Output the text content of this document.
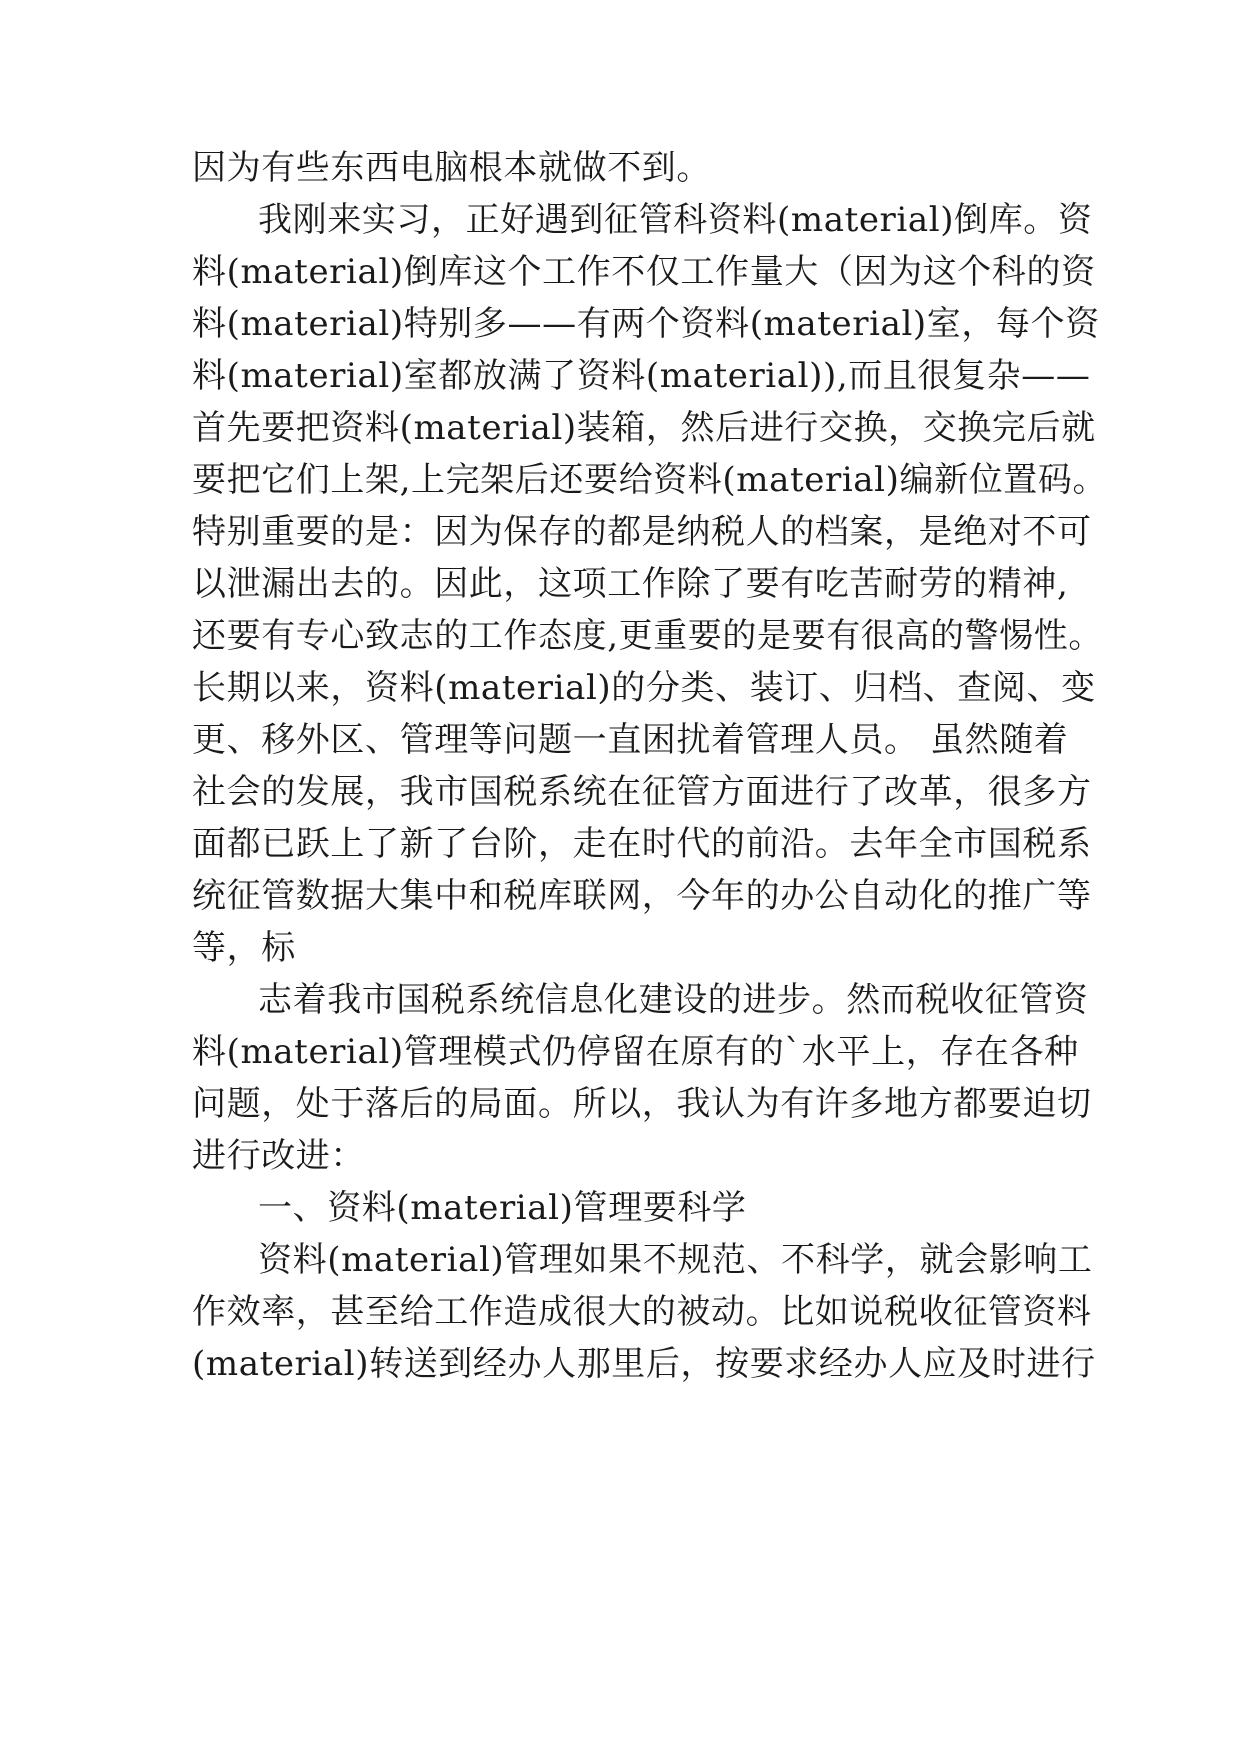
因为有些东西电脑根本就做不到。
我刚来实习，正好遇到征管科资料(material)倒库。资
料(material)倒库这个工作不仅工作量大（因为这个科的资
料(material)特别多——有两个资料(material)室，每个资
料(material)室都放满了资料(material)),而且很复杂——
首先要把资料(material)装箱，然后进行交换，交换完后就
要把它们上架,上完架后还要给资料(material)编新位置码。
特别重要的是：因为保存的都是纳税人的档案，是绝对不可
以泄漏出去的。因此，这项工作除了要有吃苦耐劳的精神,
还要有专心致志的工作态度,更重要的是要有很高的警惕性。
长期以来，资料(material)的分类、装订、归档、查阅、变
更、移外区、管理等问题一直困扰着管理人员。 虽然随着
社会的发展，我市国税系统在征管方面进行了改革，很多方
面都已跃上了新了台阶，走在时代的前沿。去年全市国税系
统征管数据大集中和税库联网，今年的办公自动化的推广等
等，标
志着我市国税系统信息化建设的进步。然而税收征管资
料(material)管理模式仍停留在原有的`水平上，存在各种
问题，处于落后的局面。所以，我认为有许多地方都要迫切
进行改进：
一、资料(material)管理要科学
资料(material)管理如果不规范、不科学，就会影响工
作效率，甚至给工作造成很大的被动。比如说税收征管资料
(material)转送到经办人那里后，按要求经办人应及时进行
